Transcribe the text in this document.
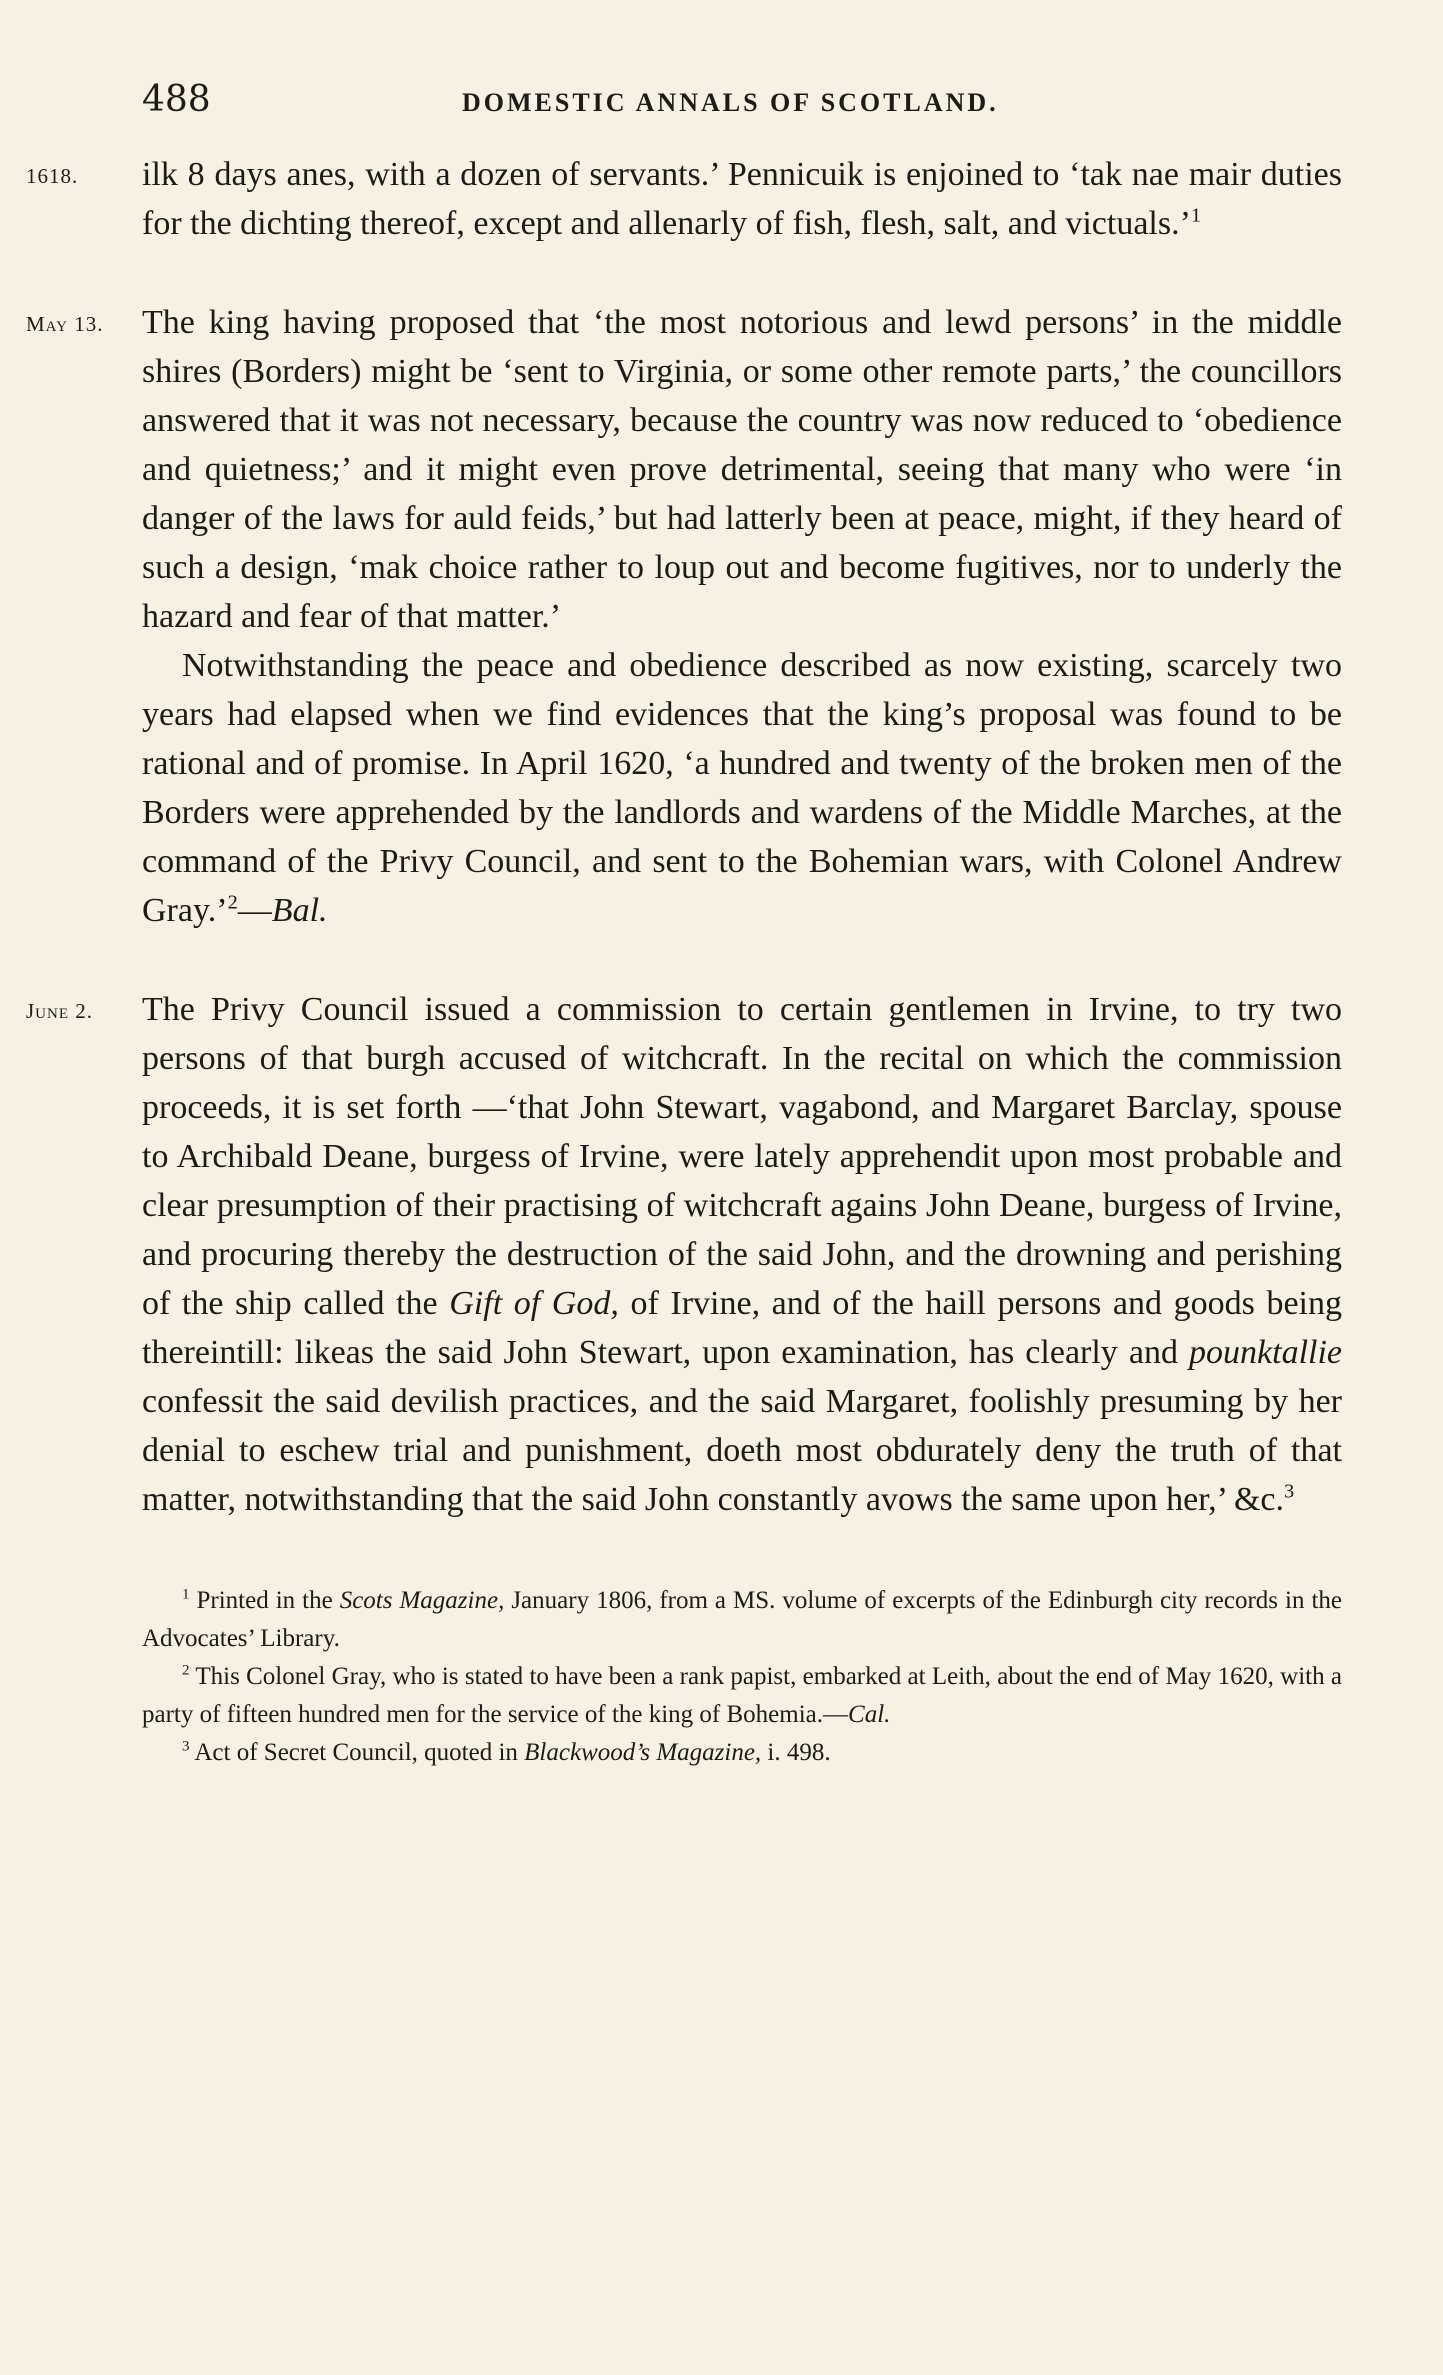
488	DOMESTIC ANNALS OF SCOTLAND.

1618.	ilk 8 days anes, with a dozen of servants.’ Pennicuik is enjoined to ‘tak nae mair duties for the dichting thereof, except and allenarly of fish, flesh, salt, and victuals.’$^1$

May 13.	The king having proposed that ‘the most notorious and lewd persons’ in the middle shires (Borders) might be ‘sent to Virginia, or some other remote parts,’ the councillors answered that it was not necessary, because the country was now reduced to ‘obedience and quietness;’ and it might even prove detrimental, seeing that many who were ‘in danger of the laws for auld feids,’ but had latterly been at peace, might, if they heard of such a design, ‘mak choice rather to loup out and become fugitives, nor to underly the hazard and fear of that matter.’

Notwithstanding the peace and obedience described as now existing, scarcely two years had elapsed when we find evidences that the king’s proposal was found to be rational and of promise. In April 1620, ‘a hundred and twenty of the broken men of the Borders were apprehended by the landlords and wardens of the Middle Marches, at the command of the Privy Council, and sent to the Bohemian wars, with Colonel Andrew Gray.’$^2$—Bal.

June 2.	The Privy Council issued a commission to certain gentlemen in Irvine, to try two persons of that burgh accused of witchcraft. In the recital on which the commission proceeds, it is set forth —‘that John Stewart, vagabond, and Margaret Barclay, spouse to Archibald Deane, burgess of Irvine, were lately apprehendit upon most probable and clear presumption of their practising of witchcraft agains John Deane, burgess of Irvine, and procuring thereby the destruction of the said John, and the drowning and perishing of the ship called the Gift of God, of Irvine, and of the haill persons and goods being thereintill: likeas the said John Stewart, upon examination, has clearly and pounktallie confessit the said devilish practices, and the said Margaret, foolishly presuming by her denial to eschew trial and punishment, doeth most obdurately deny the truth of that matter, notwithstanding that the said John constantly avows the same upon her,’ &c.$^3$

$^1$ Printed in the Scots Magazine, January 1806, from a MS. volume of excerpts of the Edinburgh city records in the Advocates’ Library.

$^2$ This Colonel Gray, who is stated to have been a rank papist, embarked at Leith, about the end of May 1620, with a party of fifteen hundred men for the service of the king of Bohemia.—Cal.

$^3$ Act of Secret Council, quoted in Blackwood’s Magazine, i. 498.
